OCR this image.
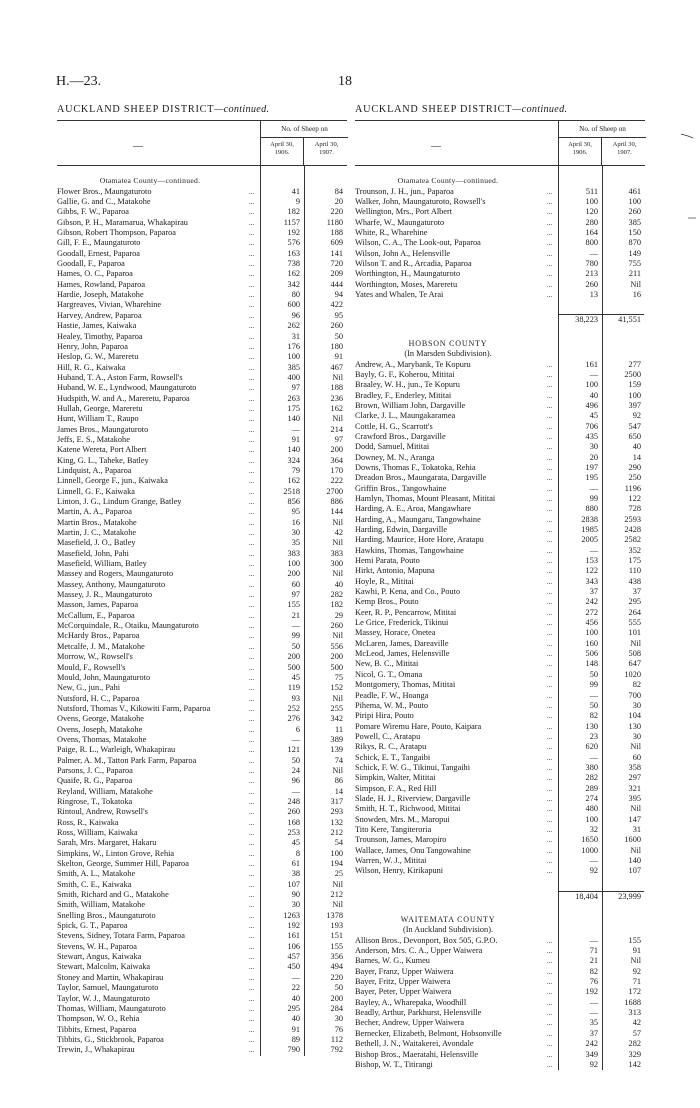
H.—23.	18
AUCKLAND SHEEP DISTRICT—continued.
—
No. of Sheep on
April 30,
1906.
April 30,
1907.
Otamatea County—continued.
Flower Bros., Maungaturoto	...	41	84
Gallie, G. and C., Matakohe	...	9	20
Gibbs, F. W., Paparoa	...	182	220
Gibson, P. H., Maramarua, Whakapirau	...	1157	1180
Gibson, Robert Thompson, Paparoa	...	192	188
Gill, F. E., Maungaturoto	...	576	609
Goodall, Ernest, Paparoa	...	163	141
Goodall, F., Paparoa	...	738	720
Hames, O. C., Paparoa	...	162	209
Hames, Rowland, Paparoa	...	342	444
Hardie, Joseph, Matakohe	...	80	94
Hargreaves, Vivian, Wharehine	...	600	422
Harvey, Andrew, Paparoa	...	96	95
Hastie, James, Kaiwaka	...	262	260
Healey, Timothy, Paparoa	...	31	50
Henry, John, Paparoa	...	176	180
Heslop, G. W., Mareretu	...	100	91
Hill, R. G., Kaiwaka	...	385	467
Huband, T. A., Aston Farm, Rowsell's	...	400	Nil
Huband, W. E., Lyndwood, Maungaturoto	...	97	188
Hudspith, W. and A., Mareretu, Paparoa	...	263	236
Hullah, George, Mareretu	...	175	162
Hunt, William T., Raupo	...	140	Nil
James Bros., Maungaturoto	...	—	214
Jeffs, E. S., Matakohe	...	91	97
Katene Wereta, Port Albert	...	140	200
King, G. L., Taheke, Batley	...	324	364
Lindquist, A., Paparoa	...	79	170
Linnell, George F., jun., Kaiwaka	...	162	222
Linnell, G. F., Kaiwaka	...	2518	2700
Linton, J. G., Lindum Grange, Batley	...	856	886
Martin, A. A., Paparoa	...	95	144
Martin Bros., Matakohe	...	16	Nil
Martin, J. C., Matakohe	...	30	42
Masefield, J. O., Batley	...	35	Nil
Masefield, John, Pahi	...	383	383
Masefield, William, Batley	...	100	300
Massey and Rogers, Maungaturoto	...	200	Nil
Massey, Anthony, Maungaturoto	...	60	40
Massey, J. R., Maungaturoto	...	97	282
Masson, James, Paparoa	...	155	182
McCallum, E., Paparoa	...	21	29
McCorquindale, R., Otaiku, Maungaturoto	...	—	260
McHardy Bros., Paparoa	...	99	Nil
Metcalfe, J. M., Matakohe	...	50	556
Morrow, W., Rowsell's	...	200	200
Mould, F., Rowsell's	...	500	500
Mould, John, Maungaturoto	...	45	75
New, G., jun., Pahi	...	119	152
Nutsford, H. C., Paparoa	...	93	Nil
Nutsford, Thomas V., Kikowiti Farm, Paparoa	...	252	255
Ovens, George, Matakohe	...	276	342
Ovens, Joseph, Matakohe	...	6	11
Ovens, Thomas, Matakohe	...	—	389
Paige, R. L., Warleigh, Whakapirau	...	121	139
Palmer, A. M., Tatton Park Farm, Paparoa	...	50	74
Parsons, J. C., Paparoa	...	24	Nil
Quaife, R. G., Paparoa	...	96	86
Reyland, William, Matakohe	...	—	14
Ringrose, T., Tokatoka	...	248	317
Rintoul, Andrew, Rowsell's	...	260	293
Ross, R., Kaiwaka	...	168	132
Ross, William, Kaiwaka	...	253	212
Sarah, Mrs. Margaret, Hakaru	...	45	54
Simpkins, W., Linton Grove, Rehia	...	8	100
Skelton, George, Summer Hill, Paparoa	...	61	194
Smith, A. L., Matakohe	...	38	25
Smith, C. E., Kaiwaka	...	107	Nil
Smith, Richard and G., Matakohe	...	90	212
Smith, William, Matakohe	...	30	Nil
Snelling Bros., Maungaturoto	...	1263	1378
Spick, G. T., Paparoa	...	192	193
Stevens, Sidney, Totara Farm, Paparoa	...	161	151
Stevens, W. H., Paparoa	...	106	155
Stewart, Angus, Kaiwaka	...	457	356
Stewart, Malcolm, Kaiwaka	...	450	494
Stoney and Martin, Whakapirau	...	—	220
Taylor, Samuel, Maungaturoto	...	22	50
Taylor, W. J., Maungaturoto	...	40	200
Thomas, William, Maungaturoto	...	295	284
Thompson, W. O., Rehia	...	40	30
Tibbits, Ernest, Paparoa	...	91	76
Tibbits, G., Stickbrook, Paparoa	...	89	112
Trewin, J., Whakapirau	...	790	792
AUCKLAND SHEEP DISTRICT—continued.
—
No. of Sheep on
April 30,
1906.
April 30,
1907.
Otamatea County—continued.
Trounson, J. H., jun., Paparoa	...	511	461
Walker, John, Maungaturoto, Rowsell's	...	100	100
Wellington, Mrs., Port Albert	...	120	260
Wharfe, W., Maungaturoto	...	280	385
White, R., Wharehine	...	164	150
Wilson, C. A., The Look-out, Paparoa	...	800	870
Wilson, John A., Helensville	...	—	149
Wilson T. and R., Arcadia, Paparoa	...	780	755
Worthington, H., Maungaturoto	...	213	211
Worthington, Moses, Mareretu	...	260	Nil
Yates and Whalen, Te Arai	...	13	16
38,223	41,551
HOBSON COUNTY
(In Marsden Subdivision).
Andrew, A., Marybank, Te Kopuru	...	161	277
Bayly, G. F., Koherou, Mititai	...	—	2500
Braaley, W. H., jun., Te Kopuru	...	100	159
Bradley, F., Enderley, Mititai	...	40	100
Brown, William John, Dargaville	...	496	397
Clarke, J. L., Maungakaramea	...	45	92
Cottle, H. G., Scarrott's	...	706	547
Crawford Bros., Dargaville	...	435	650
Dodd, Samuel, Mititai	...	30	40
Downey, M. N., Aranga	...	20	14
Downs, Thomas F., Tokatoka, Rehia	...	197	290
Dreadon Bros., Maungarata, Dargaville	...	195	250
Griffin Bros., Tangowhaine	...	—	1196
Hamlyn, Thomas, Mount Pleasant, Mititai	...	99	122
Harding, A. E., Aroa, Mangawhare	...	880	728
Harding, A., Maungaru, Tangowhaine	...	2838	2593
Harding, Edwin, Dargaville	...	1985	2428
Harding, Maurice, Hore Hore, Aratapu	...	2005	2582
Hawkins, Thomas, Tangowhaine	...	—	352
Hemi Parata, Pouto	...	153	175
Hirkt, Antonio, Mapuna	...	122	110
Hoyle, R., Mititai	...	343	438
Kawhi, P. Kena, and Co., Pouto	...	37	37
Kemp Bros., Pouto	...	242	295
Keer, R. P., Pencarrow, Mititai	...	272	264
Le Grice, Frederick, Tikinui	...	456	555
Massey, Horace, Onetea	...	100	101
McLaren, James, Dareaville	...	160	Nil
McLeod, James, Helensville	...	506	508
New, B. C., Mititai	...	148	647
Nicol, G. T., Omana	...	50	1020
Montgomery, Thomas, Mititai	...	99	82
Peadle, F. W., Hoanga	...	—	700
Pihema, W. M., Pouto	...	50	30
Piripi Hira, Pouto	...	82	104
Pomare Wiremu Hare, Pouto, Kaipara	...	130	130
Powell, C., Aratapu	...	23	30
Rikys, R. C., Aratapu	...	620	Nil
Schick, E. T., Tangaibi	...	—	60
Schick, F. W. G., Tikinui, Tangaihi	...	380	358
Simpkin, Walter, Mititai	...	282	297
Simpson, F. A., Red Hill	...	289	321
Slade, H. J., Riverview, Dargaville	...	274	395
Smith, H. T., Richwood, Mititai	...	480	Nil
Snowden, Mrs. M., Maropui	...	100	147
Tito Kere, Tangiteroria	...	32	31
Trounson, James, Maropiro	...	1650	1600
Wallace, James, Onu Tangowahine	...	1000	Nil
Warren, W. J., Mititai	...	—	140
Wilson, Henry, Kirikapuni	...	92	107
18,404	23,999
WAITEMATA COUNTY
(In Auckland Subdivision).
Allison Bros., Devonport, Box 505, G.P.O.	...	—	155
Anderson, Mrs. C. A., Upper Waiwera	...	71	91
Barnes, W. G., Kumeu	...	21	Nil
Bayer, Franz, Upper Waiwera	...	82	92
Bayer, Fritz, Upper Waiwera	...	76	71
Bayer, Peter, Upper Waiwera	...	192	172
Bayley, A., Wharepaka, Woodhill	...	—	1688
Beadly, Arthur, Parkhurst, Helensville	...	—	313
Becher, Andrew, Upper Waiwera	...	35	42
Bernecker, Elizabeth, Belmont, Hobsonville	...	37	57
Bethell, J. N., Waitakerei, Avondale	...	242	282
Bishop Bros., Maeratahi, Helensville	...	349	329
Bishop, W. T., Titirangi	...	92	142
